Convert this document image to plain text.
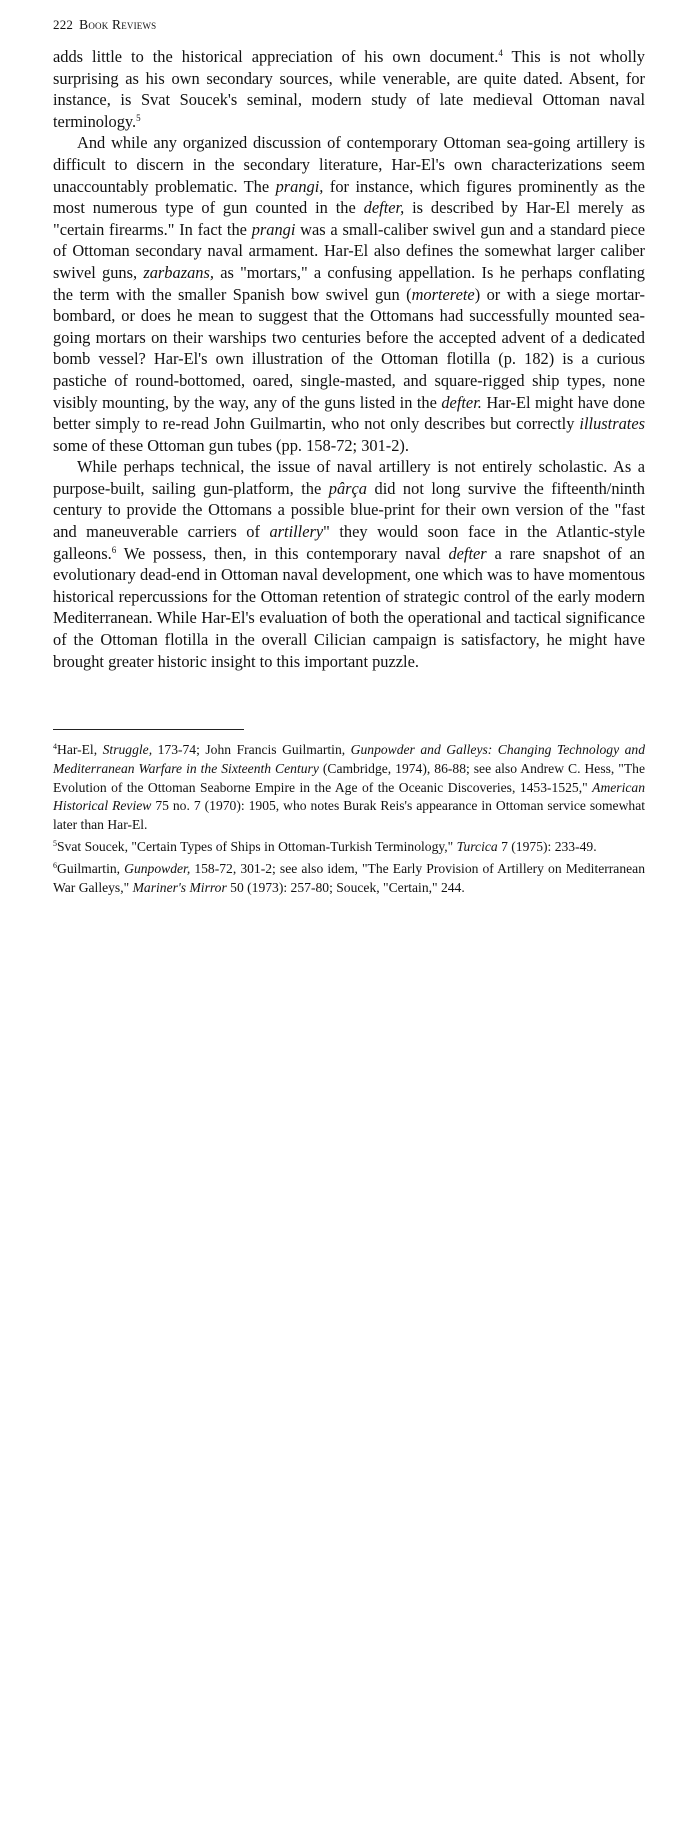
222 Book Reviews

adds little to the historical appreciation of his own document.$^4$ This is not wholly surprising as his own secondary sources, while venerable, are quite dated. Absent, for instance, is Svat Soucek's seminal, modern study of late medieval Ottoman naval terminology.$^5$

And while any organized discussion of contemporary Ottoman sea-going artillery is difficult to discern in the secondary literature, Har-El's own characterizations seem unaccountably problematic. The prangi, for instance, which figures prominently as the most numerous type of gun counted in the defter, is described by Har-El merely as "certain firearms." In fact the prangi was a small-caliber swivel gun and a standard piece of Ottoman secondary naval armament. Har-El also defines the somewhat larger caliber swivel guns, zarbazans, as "mortars," a confusing appellation. Is he perhaps conflating the term with the smaller Spanish bow swivel gun (morterete) or with a siege mortar-bombard, or does he mean to suggest that the Ottomans had successfully mounted sea-going mortars on their warships two centuries before the accepted advent of a dedicated bomb vessel? Har-El's own illustration of the Ottoman flotilla (p. 182) is a curious pastiche of round-bottomed, oared, single-masted, and square-rigged ship types, none visibly mounting, by the way, any of the guns listed in the defter. Har-El might have done better simply to re-read John Guilmartin, who not only describes but correctly illustrates some of these Ottoman gun tubes (pp. 158-72; 301-2).

While perhaps technical, the issue of naval artillery is not entirely scholastic. As a purpose-built, sailing gun-platform, the pârça did not long survive the fifteenth/ninth century to provide the Ottomans a possible blue-print for their own version of the "fast and maneuverable carriers of artillery" they would soon face in the Atlantic-style galleons.$^6$ We possess, then, in this contemporary naval defter a rare snapshot of an evolutionary dead-end in Ottoman naval development, one which was to have momentous historical repercussions for the Ottoman retention of strategic control of the early modern Mediterranean. While Har-El's evaluation of both the operational and tactical significance of the Ottoman flotilla in the overall Cilician campaign is satisfactory, he might have brought greater historic insight to this important puzzle.

$^4$Har-El, Struggle, 173-74; John Francis Guilmartin, Gunpowder and Galleys: Changing Technology and Mediterranean Warfare in the Sixteenth Century (Cambridge, 1974), 86-88; see also Andrew C. Hess, "The Evolution of the Ottoman Seaborne Empire in the Age of the Oceanic Discoveries, 1453-1525," American Historical Review 75 no. 7 (1970): 1905, who notes Burak Reis's appearance in Ottoman service somewhat later than Har-El.

$^5$Svat Soucek, "Certain Types of Ships in Ottoman-Turkish Terminology," Turcica 7 (1975): 233-49.

$^6$Guilmartin, Gunpowder, 158-72, 301-2; see also idem, "The Early Provision of Artillery on Mediterranean War Galleys," Mariner's Mirror 50 (1973): 257-80; Soucek, "Certain," 244.
